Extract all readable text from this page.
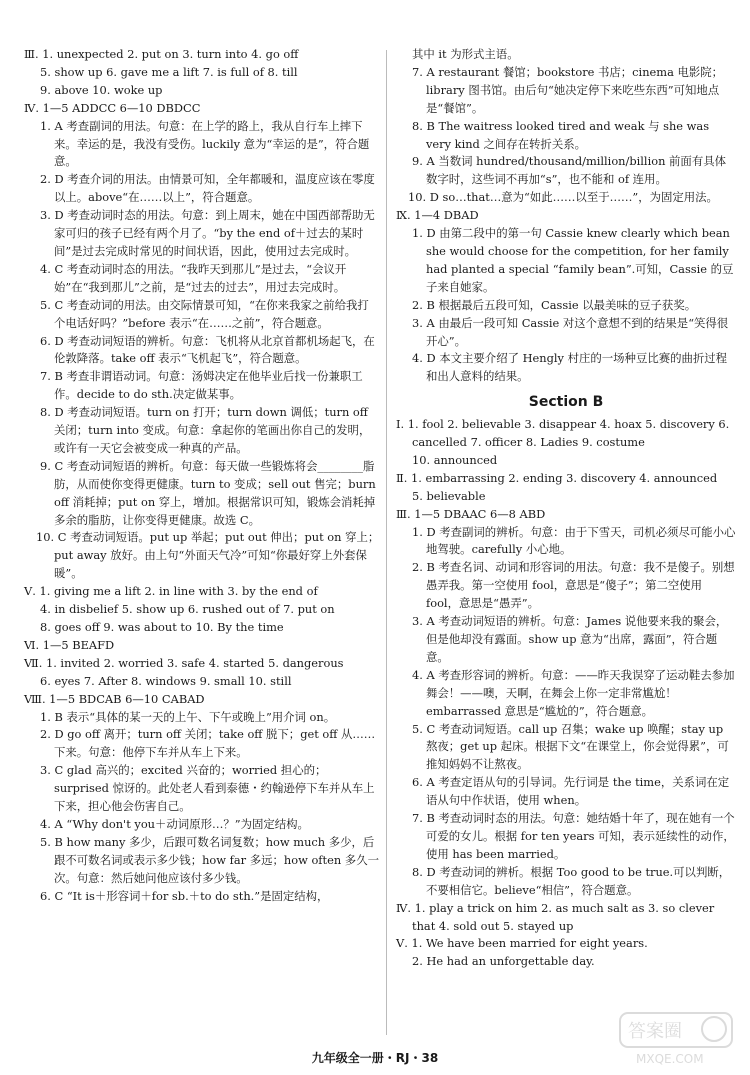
Ⅲ. 1. unexpected 2. put on 3. turn into 4. go off

5. show up 6. gave me a lift 7. is full of 8. till

9. above 10. woke up

Ⅳ. 1—5 ADDCC 6—10 DBDCC

1. A 考查副词的用法。句意：在上学的路上，我从自行车上摔下来。幸运的是，我没有受伤。luckily 意为“幸运的是”，符合题意。

2. D 考查介词的用法。由情景可知，全年都暖和，温度应该在零度以上。above“在……以上”，符合题意。

3. D 考查动词时态的用法。句意：到上周末，她在中国西部帮助无家可归的孩子已经有两个月了。“by the end of＋过去的某时间”是过去完成时常见的时间状语，因此，使用过去完成时。

4. C 考查动词时态的用法。“我昨天到那儿”是过去，“会议开始”在“我到那儿”之前，是“过去的过去”，用过去完成时。

5. C 考查动词的用法。由交际情景可知，“在你来我家之前给我打个电话好吗？”before 表示“在……之前”，符合题意。

6. D 考查动词短语的辨析。句意：飞机将从北京首都机场起飞，在伦敦降落。take off 表示“飞机起飞”，符合题意。

7. B 考查非谓语动词。句意：汤姆决定在他毕业后找一份兼职工作。decide to do sth.决定做某事。

8. D 考查动词短语。turn on 打开；turn down 调低；turn off 关闭；turn into 变成。句意：拿起你的笔画出你自己的发明，或许有一天它会被变成一种真的产品。

9. C 考查动词短语的辨析。句意：每天做一些锻炼将会________脂肪，从而使你变得更健康。turn to 变成；sell out 售完；burn off 消耗掉；put on 穿上，增加。根据常识可知，锻炼会消耗掉多余的脂肪，让你变得更健康。故选 C。

10. C 考查动词短语。put up 举起；put out 伸出；put on 穿上；put away 放好。由上句“外面天气冷”可知“你最好穿上外套保暖”。

Ⅴ. 1. giving me a lift 2. in line with 3. by the end of

4. in disbelief 5. show up 6. rushed out of 7. put on

8. goes off 9. was about to 10. By the time

Ⅵ. 1—5 BEAFD

Ⅶ. 1. invited 2. worried 3. safe 4. started 5. dangerous

6. eyes 7. After 8. windows 9. small 10. still

Ⅷ. 1—5 BDCAB 6—10 CABAD

1. B 表示“具体的某一天的上午、下午或晚上”用介词 on。

2. D go off 离开；turn off 关闭；take off 脱下；get off 从……下来。句意：他停下车并从车上下来。

3. C glad 高兴的；excited 兴奋的；worried 担心的；surprised 惊讶的。此处老人看到泰德・约翰逊停下车并从车上下来，担心他会伤害自己。

4. A “Why don't you＋动词原形…？”为固定结构。

5. B how many 多少，后跟可数名词复数；how much 多少，后跟不可数名词或表示多少钱；how far 多远；how often 多久一次。句意：然后她问他应该付多少钱。

6. C “It is＋形容词＋for sb.＋to do sth.”是固定结构，

其中 it 为形式主语。

7. A restaurant 餐馆；bookstore 书店；cinema 电影院；library 图书馆。由后句“她决定停下来吃些东西”可知地点是“餐馆”。

8. B The waitress looked tired and weak 与 she was very kind 之间存在转折关系。

9. A 当数词 hundred/thousand/million/billion 前面有具体数字时，这些词不再加“s”，也不能和 of 连用。

10. D so…that…意为“如此……以至于……”，为固定用法。

Ⅸ. 1—4 DBAD

1. D 由第二段中的第一句 Cassie knew clearly which bean she would choose for the competition, for her family had planted a special “family bean”.可知，Cassie 的豆子来自她家。

2. B 根据最后五段可知，Cassie 以最美味的豆子获奖。

3. A 由最后一段可知 Cassie 对这个意想不到的结果是“笑得很开心”。

4. D 本文主要介绍了 Hengly 村庄的一场种豆比赛的曲折过程和出人意料的结果。

Section B

Ⅰ. 1. fool 2. believable 3. disappear 4. hoax 5. discovery 6. cancelled 7. officer 8. Ladies 9. costume

10. announced

Ⅱ. 1. embarrassing 2. ending 3. discovery 4. announced

5. believable

Ⅲ. 1—5 DBAAC 6—8 ABD

1. D 考查副词的辨析。句意：由于下雪天，司机必须尽可能小心地驾驶。carefully 小心地。

2. B 考查名词、动词和形容词的用法。句意：我不是傻子。别想愚弄我。第一空使用 fool，意思是“傻子”；第二空使用 fool，意思是“愚弄”。

3. A 考查动词短语的辨析。句意：James 说他要来我的聚会，但是他却没有露面。show up 意为“出席，露面”，符合题意。

4. A 考查形容词的辨析。句意：——昨天我误穿了运动鞋去参加舞会！——噢，天啊，在舞会上你一定非常尴尬！embarrassed 意思是“尴尬的”，符合题意。

5. C 考查动词短语。call up 召集；wake up 唤醒；stay up 熬夜；get up 起床。根据下文“在课堂上，你会觉得累”，可推知妈妈不让熬夜。

6. A 考查定语从句的引导词。先行词是 the time，关系词在定语从句中作状语，使用 when。

7. B 考查动词时态的用法。句意：她结婚十年了，现在她有一个可爱的女儿。根据 for ten years 可知，表示延续性的动作，使用 has been married。

8. D 考查动词的辨析。根据 Too good to be true.可以判断，不要相信它。believe“相信”，符合题意。

Ⅳ. 1. play a trick on him 2. as much salt as 3. so clever that 4. sold out 5. stayed up

Ⅴ. 1. We have been married for eight years.

2. He had an unforgettable day.

九年级全一册・RJ・38
答案圈
MXQE.COM
